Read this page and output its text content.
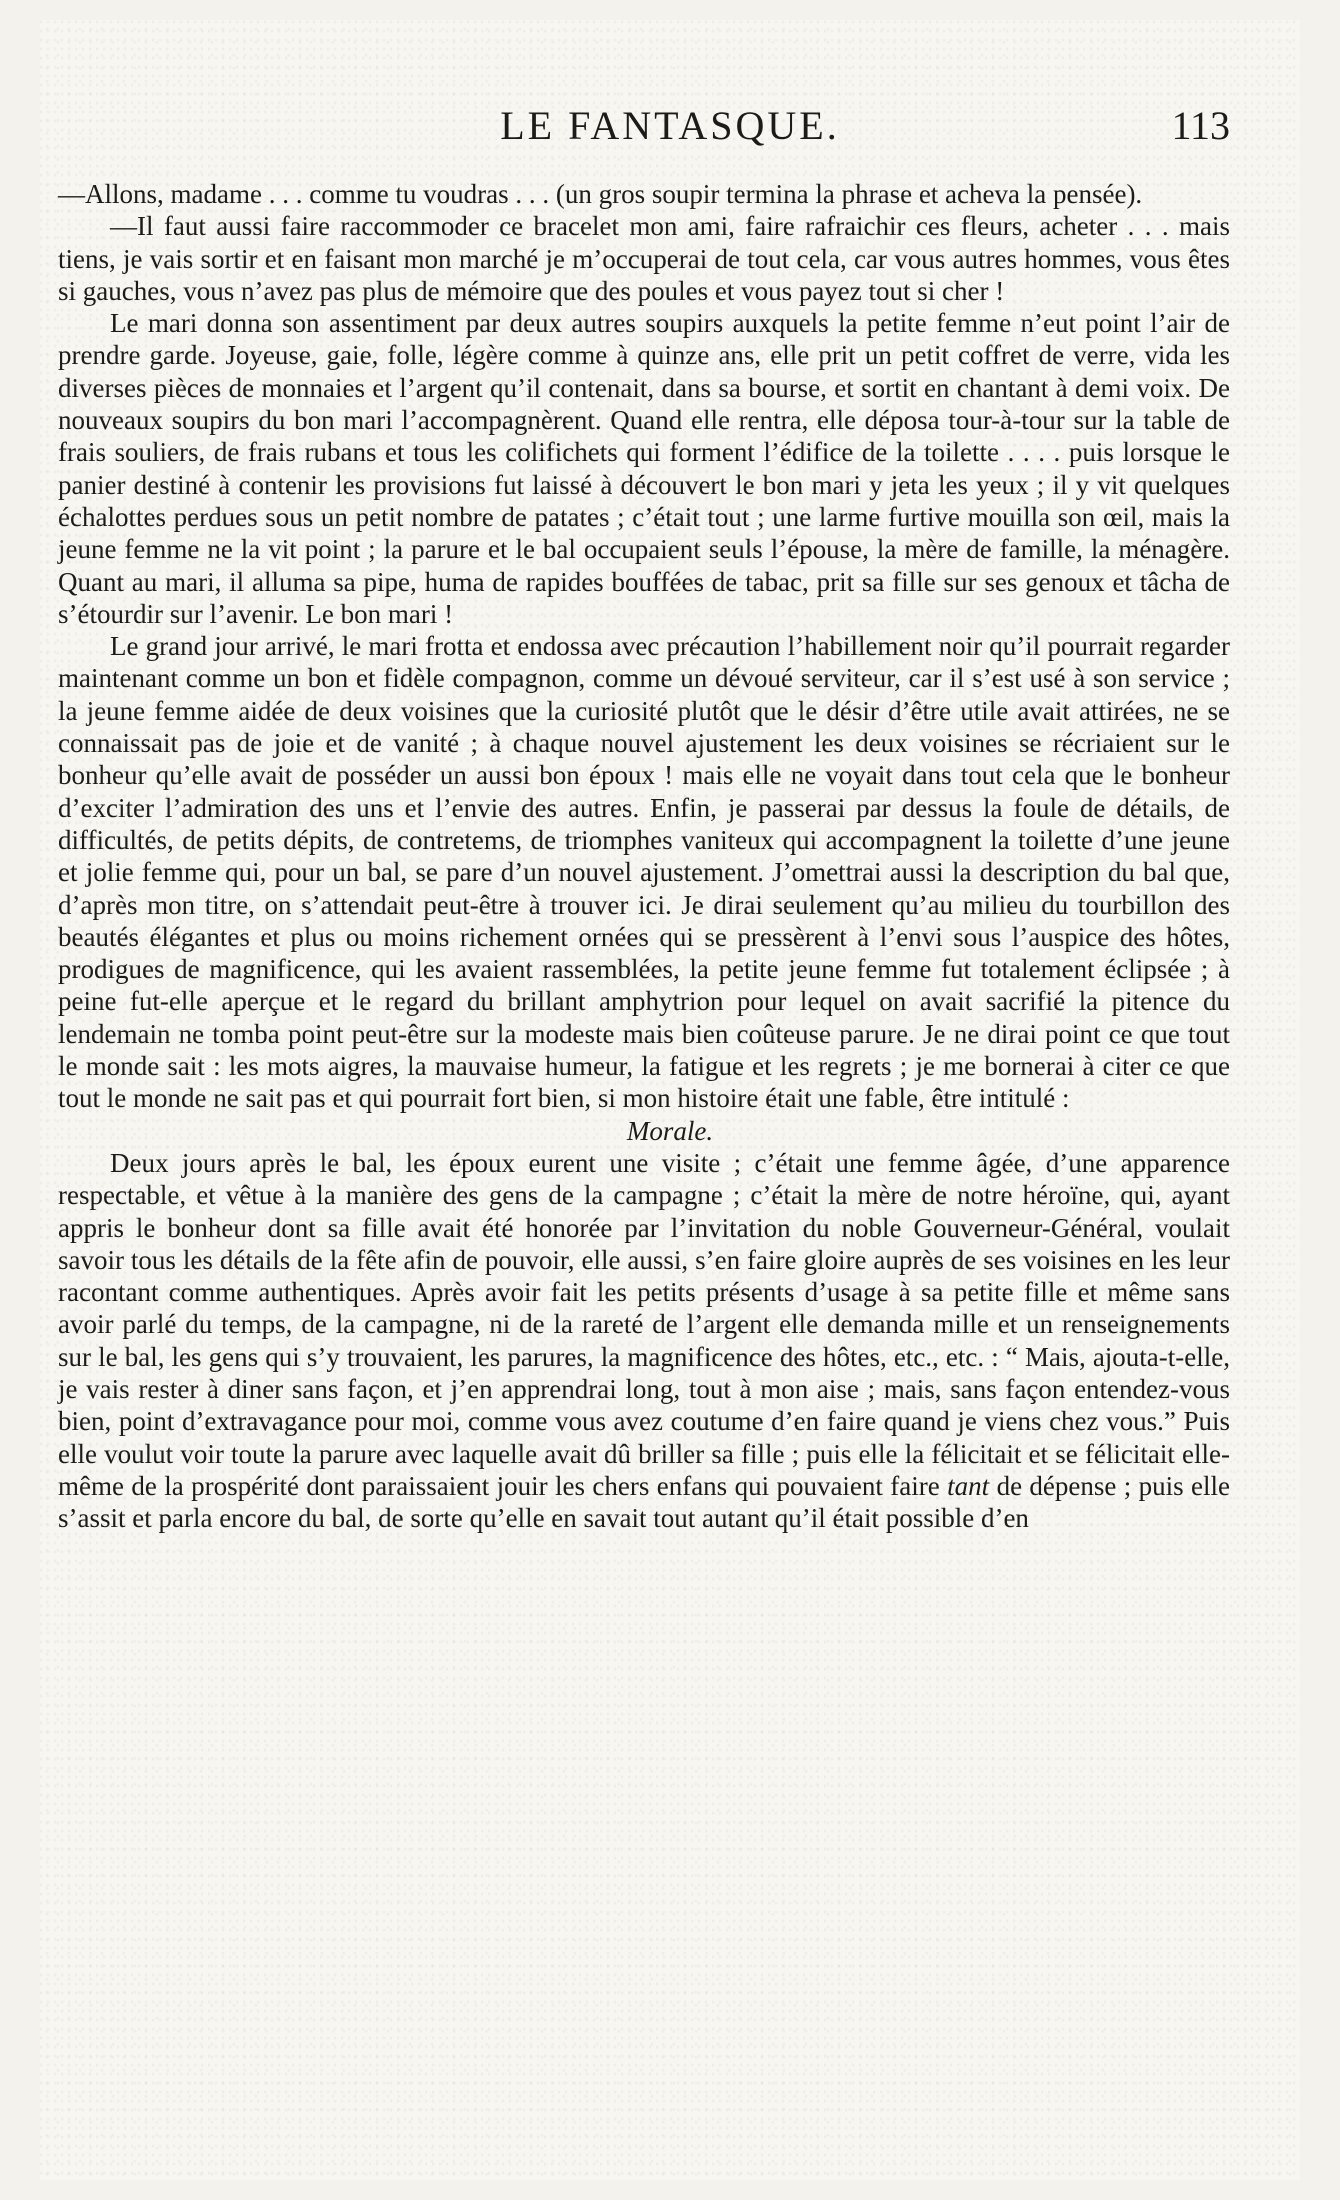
LE FANTASQUE.	113

—Allons, madame . . . comme tu voudras . . . (un gros soupir termina la phrase et acheva la pensée).

—Il faut aussi faire raccommoder ce bracelet mon ami, faire rafraichir ces fleurs, acheter . . . mais tiens, je vais sortir et en faisant mon marché je m’occuperai de tout cela, car vous autres hommes, vous êtes si gauches, vous n’avez pas plus de mémoire que des poules et vous payez tout si cher !

Le mari donna son assentiment par deux autres soupirs auxquels la petite femme n’eut point l’air de prendre garde. Joyeuse, gaie, folle, légère comme à quinze ans, elle prit un petit coffret de verre, vida les diverses pièces de monnaies et l’argent qu’il contenait, dans sa bourse, et sortit en chantant à demi voix. De nouveaux soupirs du bon mari l’accompagnèrent. Quand elle rentra, elle déposa tour-à-tour sur la table de frais souliers, de frais rubans et tous les colifichets qui forment l’édifice de la toilette . . . . puis lorsque le panier destiné à contenir les provisions fut laissé à découvert le bon mari y jeta les yeux ; il y vit quelques échalottes perdues sous un petit nombre de patates ; c’était tout ; une larme furtive mouilla son œil, mais la jeune femme ne la vit point ; la parure et le bal occupaient seuls l’épouse, la mère de famille, la ménagère. Quant au mari, il alluma sa pipe, huma de rapides bouffées de tabac, prit sa fille sur ses genoux et tâcha de s’étourdir sur l’avenir. Le bon mari !

Le grand jour arrivé, le mari frotta et endossa avec précaution l’habillement noir qu’il pourrait regarder maintenant comme un bon et fidèle compagnon, comme un dévoué serviteur, car il s’est usé à son service ; la jeune femme aidée de deux voisines que la curiosité plutôt que le désir d’être utile avait attirées, ne se connaissait pas de joie et de vanité ; à chaque nouvel ajustement les deux voisines se récriaient sur le bonheur qu’elle avait de posséder un aussi bon époux ! mais elle ne voyait dans tout cela que le bonheur d’exciter l’admiration des uns et l’envie des autres. Enfin, je passerai par dessus la foule de détails, de difficultés, de petits dépits, de contretems, de triomphes vaniteux qui accompagnent la toilette d’une jeune et jolie femme qui, pour un bal, se pare d’un nouvel ajustement. J’omettrai aussi la description du bal que, d’après mon titre, on s’attendait peut-être à trouver ici. Je dirai seulement qu’au milieu du tourbillon des beautés élégantes et plus ou moins richement ornées qui se pressèrent à l’envi sous l’auspice des hôtes, prodigues de magnificence, qui les avaient rassemblées, la petite jeune femme fut totalement éclipsée ; à peine fut-elle aperçue et le regard du brillant amphytrion pour lequel on avait sacrifié la pitence du lendemain ne tomba point peut-être sur la modeste mais bien coûteuse parure. Je ne dirai point ce que tout le monde sait : les mots aigres, la mauvaise humeur, la fatigue et les regrets ; je me bornerai à citer ce que tout le monde ne sait pas et qui pourrait fort bien, si mon histoire était une fable, être intitulé :

Morale.

Deux jours après le bal, les époux eurent une visite ; c’était une femme âgée, d’une apparence respectable, et vêtue à la manière des gens de la campagne ; c’était la mère de notre héroïne, qui, ayant appris le bonheur dont sa fille avait été honorée par l’invitation du noble Gouverneur-Général, voulait savoir tous les détails de la fête afin de pouvoir, elle aussi, s’en faire gloire auprès de ses voisines en les leur racontant comme authentiques. Après avoir fait les petits présents d’usage à sa petite fille et même sans avoir parlé du temps, de la campagne, ni de la rareté de l’argent elle demanda mille et un renseignements sur le bal, les gens qui s’y trouvaient, les parures, la magnificence des hôtes, etc., etc. : “ Mais, ajouta-t-elle, je vais rester à diner sans façon, et j’en apprendrai long, tout à mon aise ; mais, sans façon entendez-vous bien, point d’extravagance pour moi, comme vous avez coutume d’en faire quand je viens chez vous.” Puis elle voulut voir toute la parure avec laquelle avait dû briller sa fille ; puis elle la félicitait et se félicitait elle-même de la prospérité dont paraissaient jouir les chers enfans qui pouvaient faire tant de dépense ; puis elle s’assit et parla encore du bal, de sorte qu’elle en savait tout autant qu’il était possible d’en
